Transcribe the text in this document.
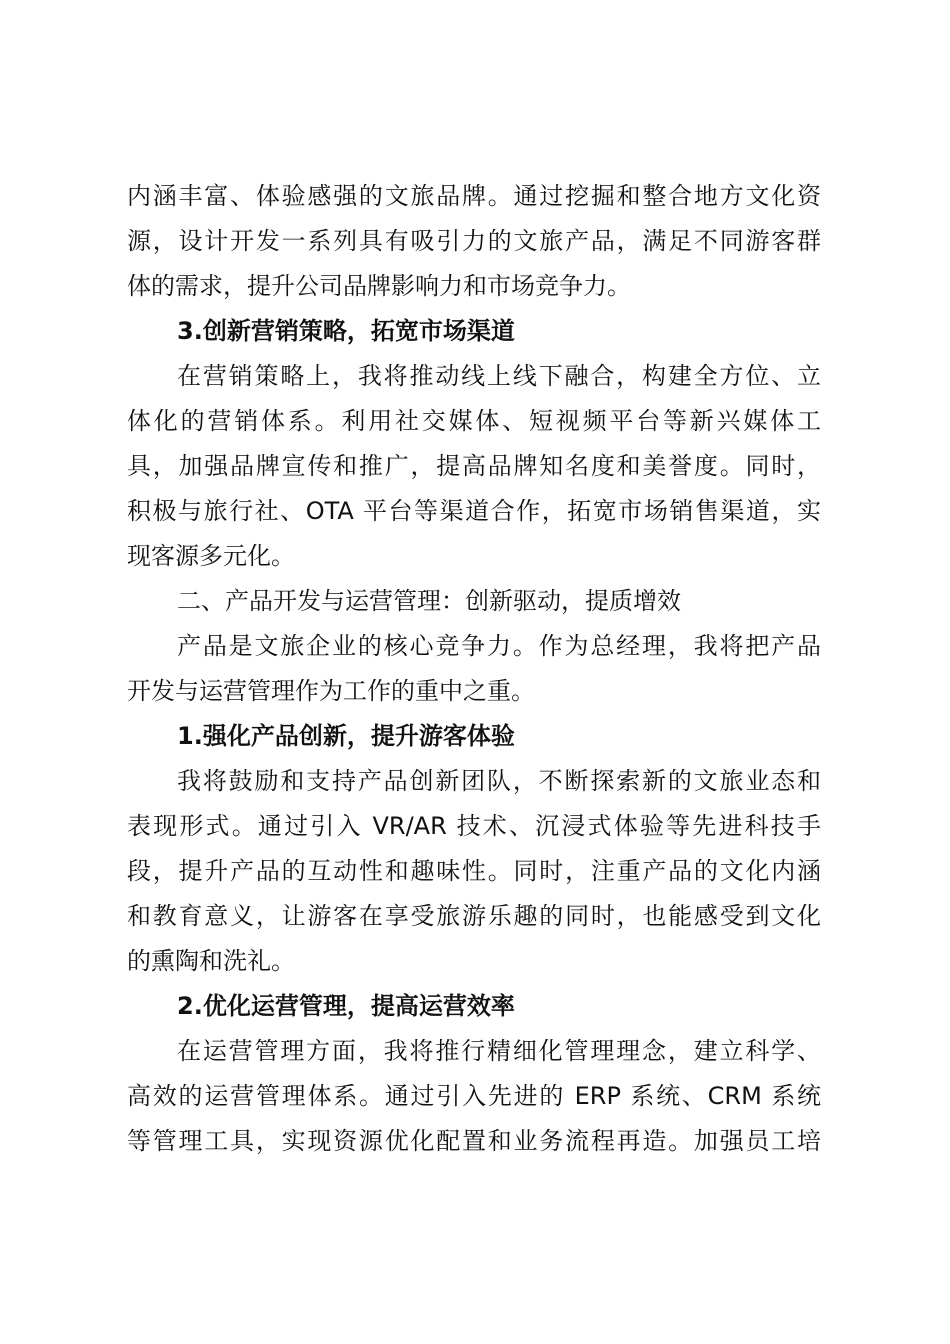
内涵丰富、体验感强的文旅品牌。通过挖掘和整合地方文化资
源，设计开发一系列具有吸引力的文旅产品，满足不同游客群
体的需求，提升公司品牌影响力和市场竞争力。
3.创新营销策略，拓宽市场渠道
在营销策略上，我将推动线上线下融合，构建全方位、立
体化的营销体系。利用社交媒体、短视频平台等新兴媒体工
具，加强品牌宣传和推广，提高品牌知名度和美誉度。同时，
积极与旅行社、OTA 平台等渠道合作，拓宽市场销售渠道，实
现客源多元化。
二、产品开发与运营管理：创新驱动，提质增效
产品是文旅企业的核心竞争力。作为总经理，我将把产品
开发与运营管理作为工作的重中之重。
1.强化产品创新，提升游客体验
我将鼓励和支持产品创新团队，不断探索新的文旅业态和
表现形式。通过引入 VR/AR 技术、沉浸式体验等先进科技手
段，提升产品的互动性和趣味性。同时，注重产品的文化内涵
和教育意义，让游客在享受旅游乐趣的同时，也能感受到文化
的熏陶和洗礼。
2.优化运营管理，提高运营效率
在运营管理方面，我将推行精细化管理理念，建立科学、
高效的运营管理体系。通过引入先进的 ERP 系统、CRM 系统
等管理工具，实现资源优化配置和业务流程再造。加强员工培
